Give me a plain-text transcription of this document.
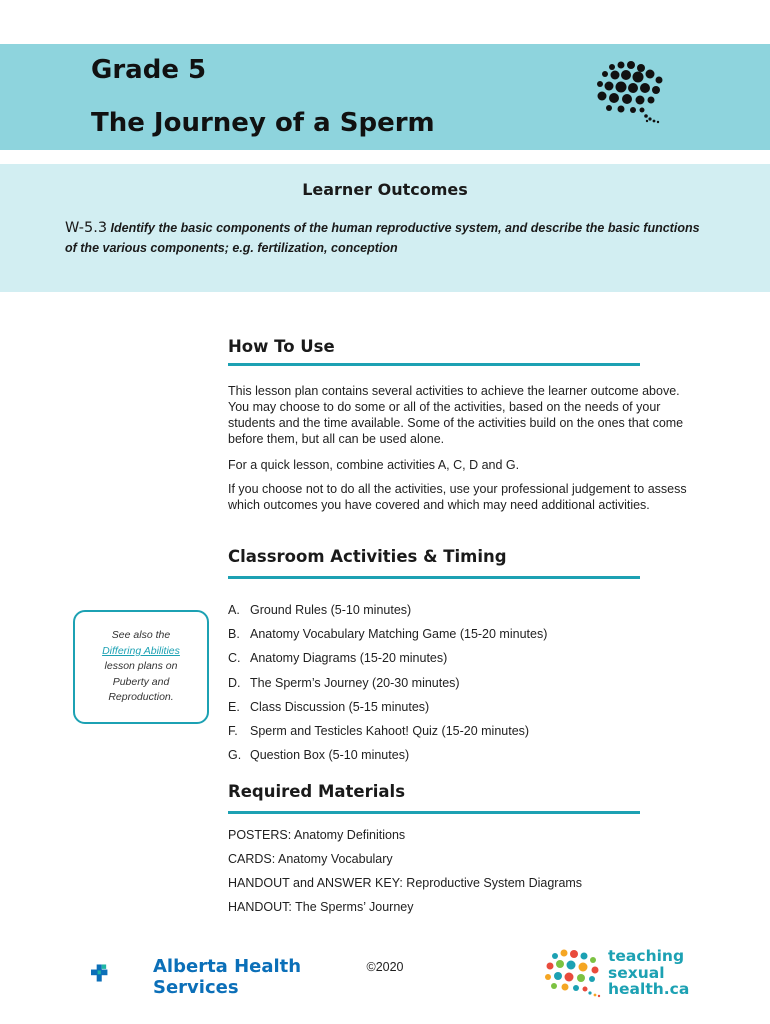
Grade 5
The Journey of a Sperm
Learner Outcomes
W-5.3 Identify the basic components of the human reproductive system, and describe the basic functions of the various components; e.g. fertilization, conception
How To Use

This lesson plan contains several activities to achieve the learner outcome above. You may choose to do some or all of the activities, based on the needs of your students and the time available. Some of the activities build on the ones that come before them, but all can be used alone.

For a quick lesson, combine activities A, C, D and G.

If you choose not to do all the activities, use your professional judgement to assess which outcomes you have covered and which may need additional activities.

Classroom Activities & Timing
A. Ground Rules (5-10 minutes)
B. Anatomy Vocabulary Matching Game (15-20 minutes)
C. Anatomy Diagrams (15-20 minutes)
D. The Sperm’s Journey (20-30 minutes)
E. Class Discussion (5-15 minutes)
F. Sperm and Testicles Kahoot! Quiz (15-20 minutes)
G. Question Box (5-10 minutes)
See also the
Differing Abilities
lesson plans on
Puberty and
Reproduction.
Required Materials
POSTERS: Anatomy Definitions
CARDS: Anatomy Vocabulary
HANDOUT and ANSWER KEY: Reproductive System Diagrams
HANDOUT: The Sperms’ Journey
Alberta Health
Services
©2020
teaching
sexual
health.ca
